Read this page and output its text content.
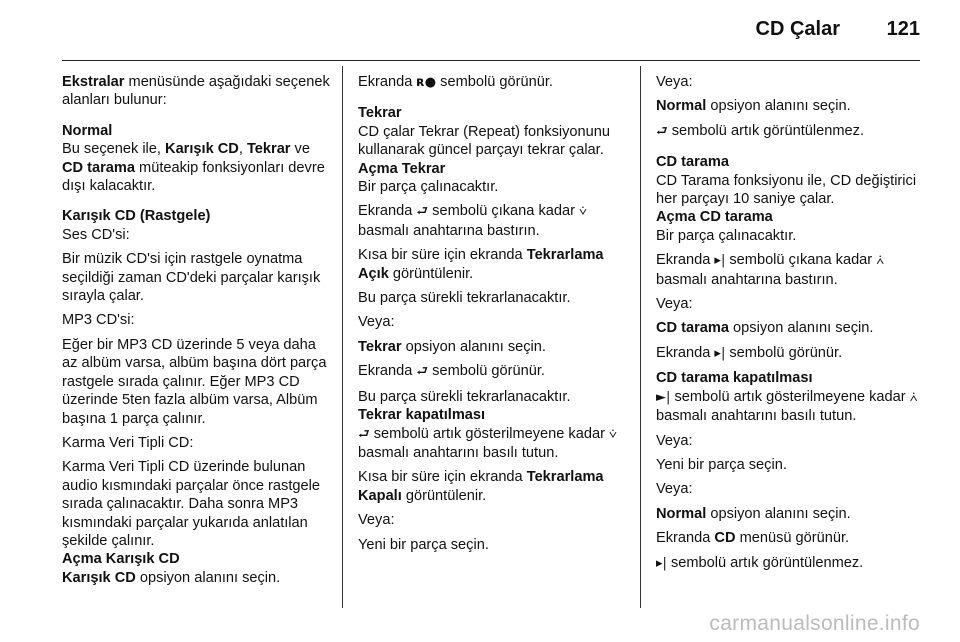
CD Çalar 121

Ekstralar menüsünde aşağıdaki seçenek alanları bulunur:

Normal

Bu seçenek ile, Karışık CD, Tekrar ve CD tarama müteakip fonksiyonları devre dışı kalacaktır.

Karışık CD (Rastgele)

Ses CD'si:

Bir müzik CD'si için rastgele oynatma seçildiği zaman CD'deki parçalar karışık sırayla çalar.

MP3 CD'si:

Eğer bir MP3 CD üzerinde 5 veya daha az albüm varsa, albüm başına dört parça rastgele sırada çalınır. Eğer MP3 CD üzerinde 5ten fazla albüm varsa, Albüm başına 1 parça çalınır.

Karma Veri Tipli CD:

Karma Veri Tipli CD üzerinde bulunan audio kısmındaki parçalar önce rastgele sırada çalınacaktır. Daha sonra MP3 kısmındaki parçalar yukarıda anlatılan şekilde çalınır.

Açma Karışık CD

Karışık CD opsiyon alanını seçin.

Ekranda ʀ● sembolü görünür.

Tekrar

CD çalar Tekrar (Repeat) fonksiyonunu kullanarak güncel parçayı tekrar çalar.

Açma Tekrar

Bir parça çalınacaktır.

Ekranda ⮐ sembolü çıkana kadar ⩒ basmalı anahtarına bastırın.

Kısa bir süre için ekranda Tekrarlama Açık görüntülenir.

Bu parça sürekli tekrarlanacaktır.

Veya:

Tekrar opsiyon alanını seçin.

Ekranda ⮐ sembolü görünür.

Bu parça sürekli tekrarlanacaktır.

Tekrar kapatılması

⮐ sembolü artık gösterilmeyene kadar ⩒ basmalı anahtarını basılı tutun.

Kısa bir süre için ekranda Tekrarlama Kapalı görüntülenir.

Veya:

Yeni bir parça seçin.

Veya:

Normal opsiyon alanını seçin.

⮐ sembolü artık görüntülenmez.

CD tarama

CD Tarama fonksiyonu ile, CD değiştirici her parçayı 10 saniye çalar.

Açma CD tarama

Bir parça çalınacaktır.

Ekranda ▸| sembolü çıkana kadar ⩑ basmalı anahtarına bastırın.

Veya:

CD tarama opsiyon alanını seçin.

Ekranda ▸| sembolü görünür.

CD tarama kapatılması

►| sembolü artık gösterilmeyene kadar ⩑ basmalı anahtarını basılı tutun.

Veya:

Yeni bir parça seçin.

Veya:

Normal opsiyon alanını seçin.

Ekranda CD menüsü görünür.

▸| sembolü artık görüntülenmez.

carmanualsonline.info
